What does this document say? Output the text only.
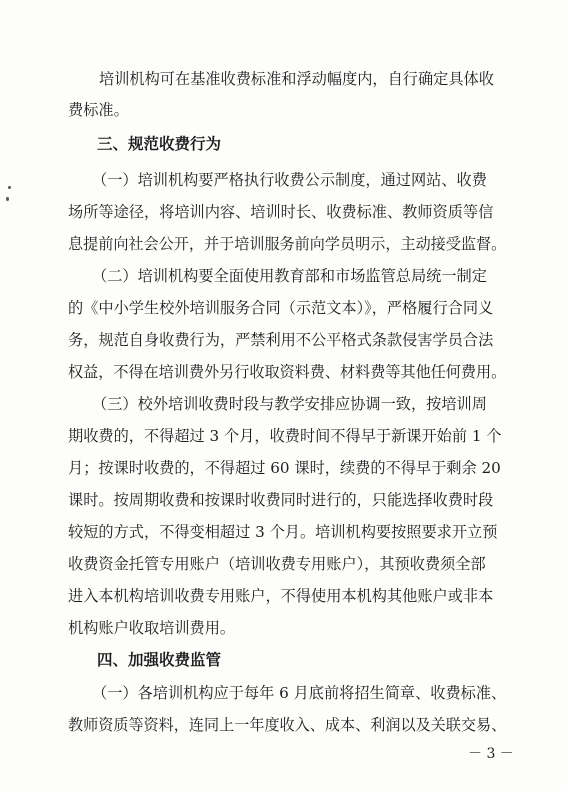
培训机构可在基准收费标准和浮动幅度内，自行确定具体收
费标准。
三、规范收费行为
（一）培训机构要严格执行收费公示制度，通过网站、收费
场所等途径，将培训内容、培训时长、收费标准、教师资质等信
息提前向社会公开，并于培训服务前向学员明示，主动接受监督。
（二）培训机构要全面使用教育部和市场监管总局统一制定
的《中小学生校外培训服务合同（示范文本）》，严格履行合同义
务，规范自身收费行为，严禁利用不公平格式条款侵害学员合法
权益，不得在培训费外另行收取资料费、材料费等其他任何费用。
（三）校外培训收费时段与教学安排应协调一致，按培训周
期收费的，不得超过 3 个月，收费时间不得早于新课开始前 1 个
月；按课时收费的，不得超过 60 课时，续费的不得早于剩余 20
课时。按周期收费和按课时收费同时进行的，只能选择收费时段
较短的方式，不得变相超过 3 个月。培训机构要按照要求开立预
收费资金托管专用账户（培训收费专用账户），其预收费须全部
进入本机构培训收费专用账户，不得使用本机构其他账户或非本
机构账户收取培训费用。
四、加强收费监管
（一）各培训机构应于每年 6 月底前将招生简章、收费标准、
教师资质等资料，连同上一年度收入、成本、利润以及关联交易、
－ 3 －
